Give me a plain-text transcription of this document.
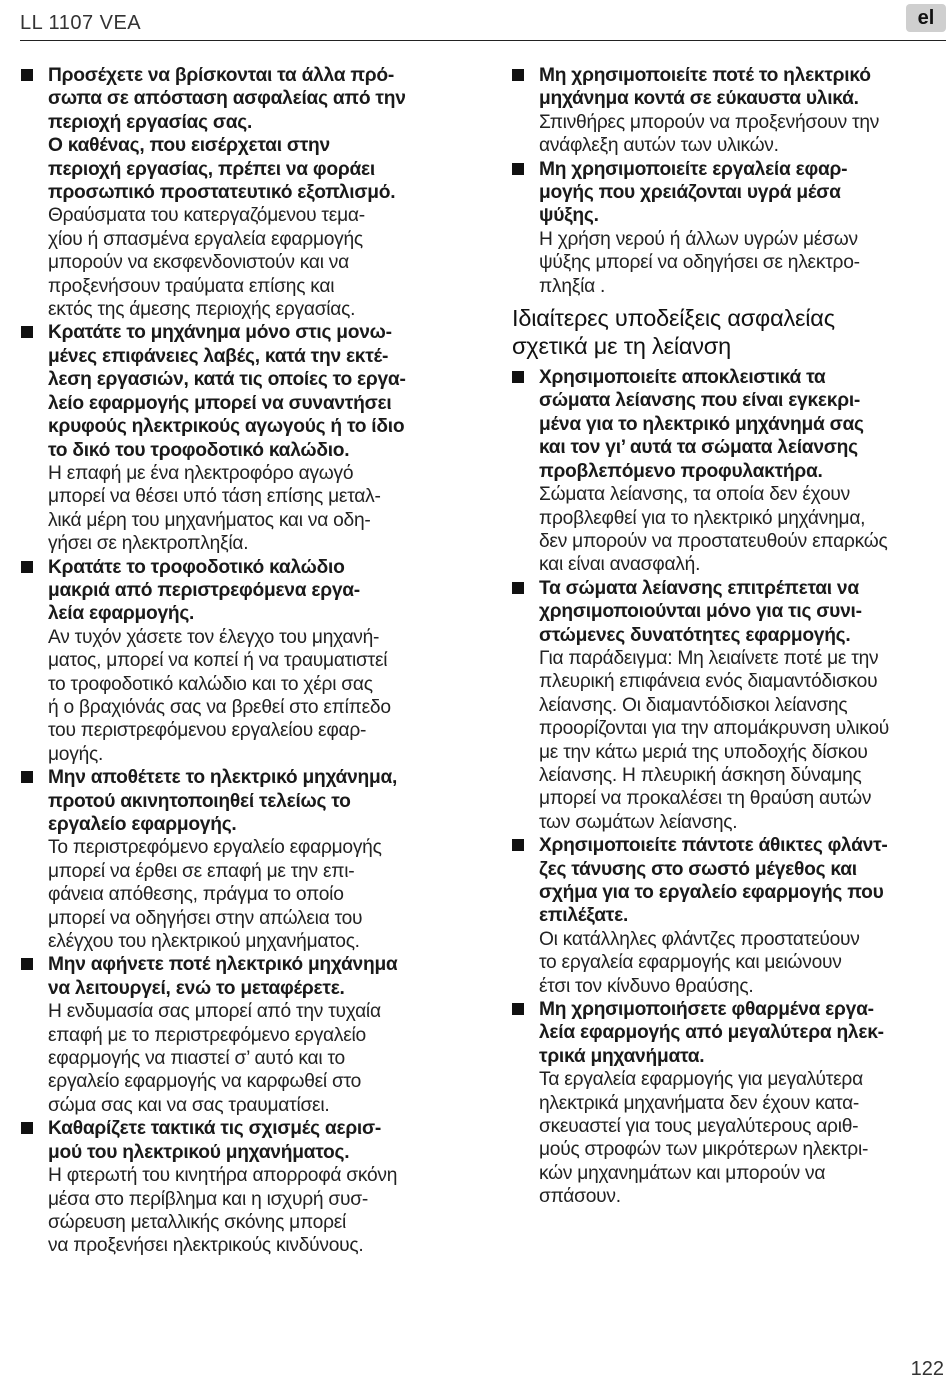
LL 1107 VEA	el
Προσέχετε να βρίσκονται τα άλλα πρό-
σωπα σε απόσταση ασφαλείας από την
περιοχή εργασίας σας.
Ο καθένας, που εισέρχεται στην
περιοχή εργασίας, πρέπει να φοράει
προσωπικό προστατευτικό εξοπλισμό.
Θραύσματα του κατεργαζόμενου τεμα-
χίου ή σπασμένα εργαλεία εφαρμογής
μπορούν να εκσφενδονιστούν και να
προξενήσουν τραύματα επίσης και
εκτός της άμεσης περιοχής εργασίας.
Κρατάτε το μηχάνημα μόνο στις μονω-
μένες επιφάνειες λαβές, κατά την εκτέ-
λεση εργασιών, κατά τις οποίες το εργα-
λείο εφαρμογής μπορεί να συναντήσει
κρυφούς ηλεκτρικούς αγωγούς ή το ίδιο
το δικό του τροφοδοτικό καλώδιο.
Η επαφή με ένα ηλεκτροφόρο αγωγό
μπορεί να θέσει υπό τάση επίσης μεταλ-
λικά μέρη του μηχανήματος και να οδη-
γήσει σε ηλεκτροπληξία.
Κρατάτε το τροφοδοτικό καλώδιο
μακριά από περιστρεφόμενα εργα-
λεία εφαρμογής.
Αν τυχόν χάσετε τον έλεγχο του μηχανή-
ματος, μπορεί να κοπεί ή να τραυματιστεί
το τροφοδοτικό καλώδιο και το χέρι σας
ή ο βραχιόνάς σας να βρεθεί στο επίπεδο
του περιστρεφόμενου εργαλείου εφαρ-
μογής.
Μην αποθέτετε το ηλεκτρικό μηχάνημα,
προτού ακινητοποιηθεί τελείως το
εργαλείο εφαρμογής.
Το περιστρεφόμενο εργαλείο εφαρμογής
μπορεί να έρθει σε επαφή με την επι-
φάνεια απόθεσης, πράγμα το οποίο
μπορεί να οδηγήσει στην απώλεια του
ελέγχου του ηλεκτρικού μηχανήματος.
Μην αφήνετε ποτέ ηλεκτρικό μηχάνημα
να λειτουργεί, ενώ το μεταφέρετε.
Η ενδυμασία σας μπορεί από την τυχαία
επαφή με το περιστρεφόμενο εργαλείο
εφαρμογής να πιαστεί σ’ αυτό και το
εργαλείο εφαρμογής να καρφωθεί στο
σώμα σας και να σας τραυματίσει.
Καθαρίζετε τακτικά τις σχισμές αερισ-
μού του ηλεκτρικού μηχανήματος.
Η φτερωτή του κινητήρα απορροφά σκόνη
μέσα στο περίβλημα και η ισχυρή συσ-
σώρευση μεταλλικής σκόνης μπορεί
να προξενήσει ηλεκτρικούς κινδύνους.
Μη χρησιμοποιείτε ποτέ το ηλεκτρικό
μηχάνημα κοντά σε εύκαυστα υλικά.
Σπινθήρες μπορούν να προξενήσουν την
ανάφλεξη αυτών των υλικών.
Μη χρησιμοποιείτε εργαλεία εφαρ-
μογής που χρειάζονται υγρά μέσα
ψύξης.
Η χρήση νερού ή άλλων υγρών μέσων
ψύξης μπορεί να οδηγήσει σε ηλεκτρο-
πληξία .
Ιδιαίτερες υποδείξεις ασφαλείας
σχετικά με τη λείανση
Χρησιμοποιείτε αποκλειστικά τα
σώματα λείανσης που είναι εγκεκρι-
μένα για το ηλεκτρικό μηχάνημά σας
και τον γι’ αυτά τα σώματα λείανσης
προβλεπόμενο προφυλακτήρα.
Σώματα λείανσης, τα οποία δεν έχουν
προβλεφθεί για το ηλεκτρικό μηχάνημα,
δεν μπορούν να προστατευθούν επαρκώς
και είναι ανασφαλή.
Τα σώματα λείανσης επιτρέπεται να
χρησιμοποιούνται μόνο για τις συνι-
στώμενες δυνατότητες εφαρμογής.
Για παράδειγμα: Μη λειαίνετε ποτέ με την
πλευρική επιφάνεια ενός διαμαντόδισκου
λείανσης. Οι διαμαντόδισκοι λείανσης
προορίζονται για την απομάκρυνση υλικού
με την κάτω μεριά της υποδοχής δίσκου
λείανσης. Η πλευρική άσκηση δύναμης
μπορεί να προκαλέσει τη θραύση αυτών
των σωμάτων λείανσης.
Χρησιμοποιείτε πάντοτε άθικτες φλάντ-
ζες τάνυσης στο σωστό μέγεθος και
σχήμα για το εργαλείο εφαρμογής που
επιλέξατε.
Οι κατάλληλες φλάντζες προστατεύουν
το εργαλεία εφαρμογής και μειώνουν
έτσι τον κίνδυνο θραύσης.
Μη χρησιμοποιήσετε φθαρμένα εργα-
λεία εφαρμογής από μεγαλύτερα ηλεκ-
τρικά μηχανήματα.
Τα εργαλεία εφαρμογής για μεγαλύτερα
ηλεκτρικά μηχανήματα δεν έχουν κατα-
σκευαστεί για τους μεγαλύτερους αριθ-
μούς στροφών των μικρότερων ηλεκτρι-
κών μηχανημάτων και μπορούν να
σπάσουν.
122
